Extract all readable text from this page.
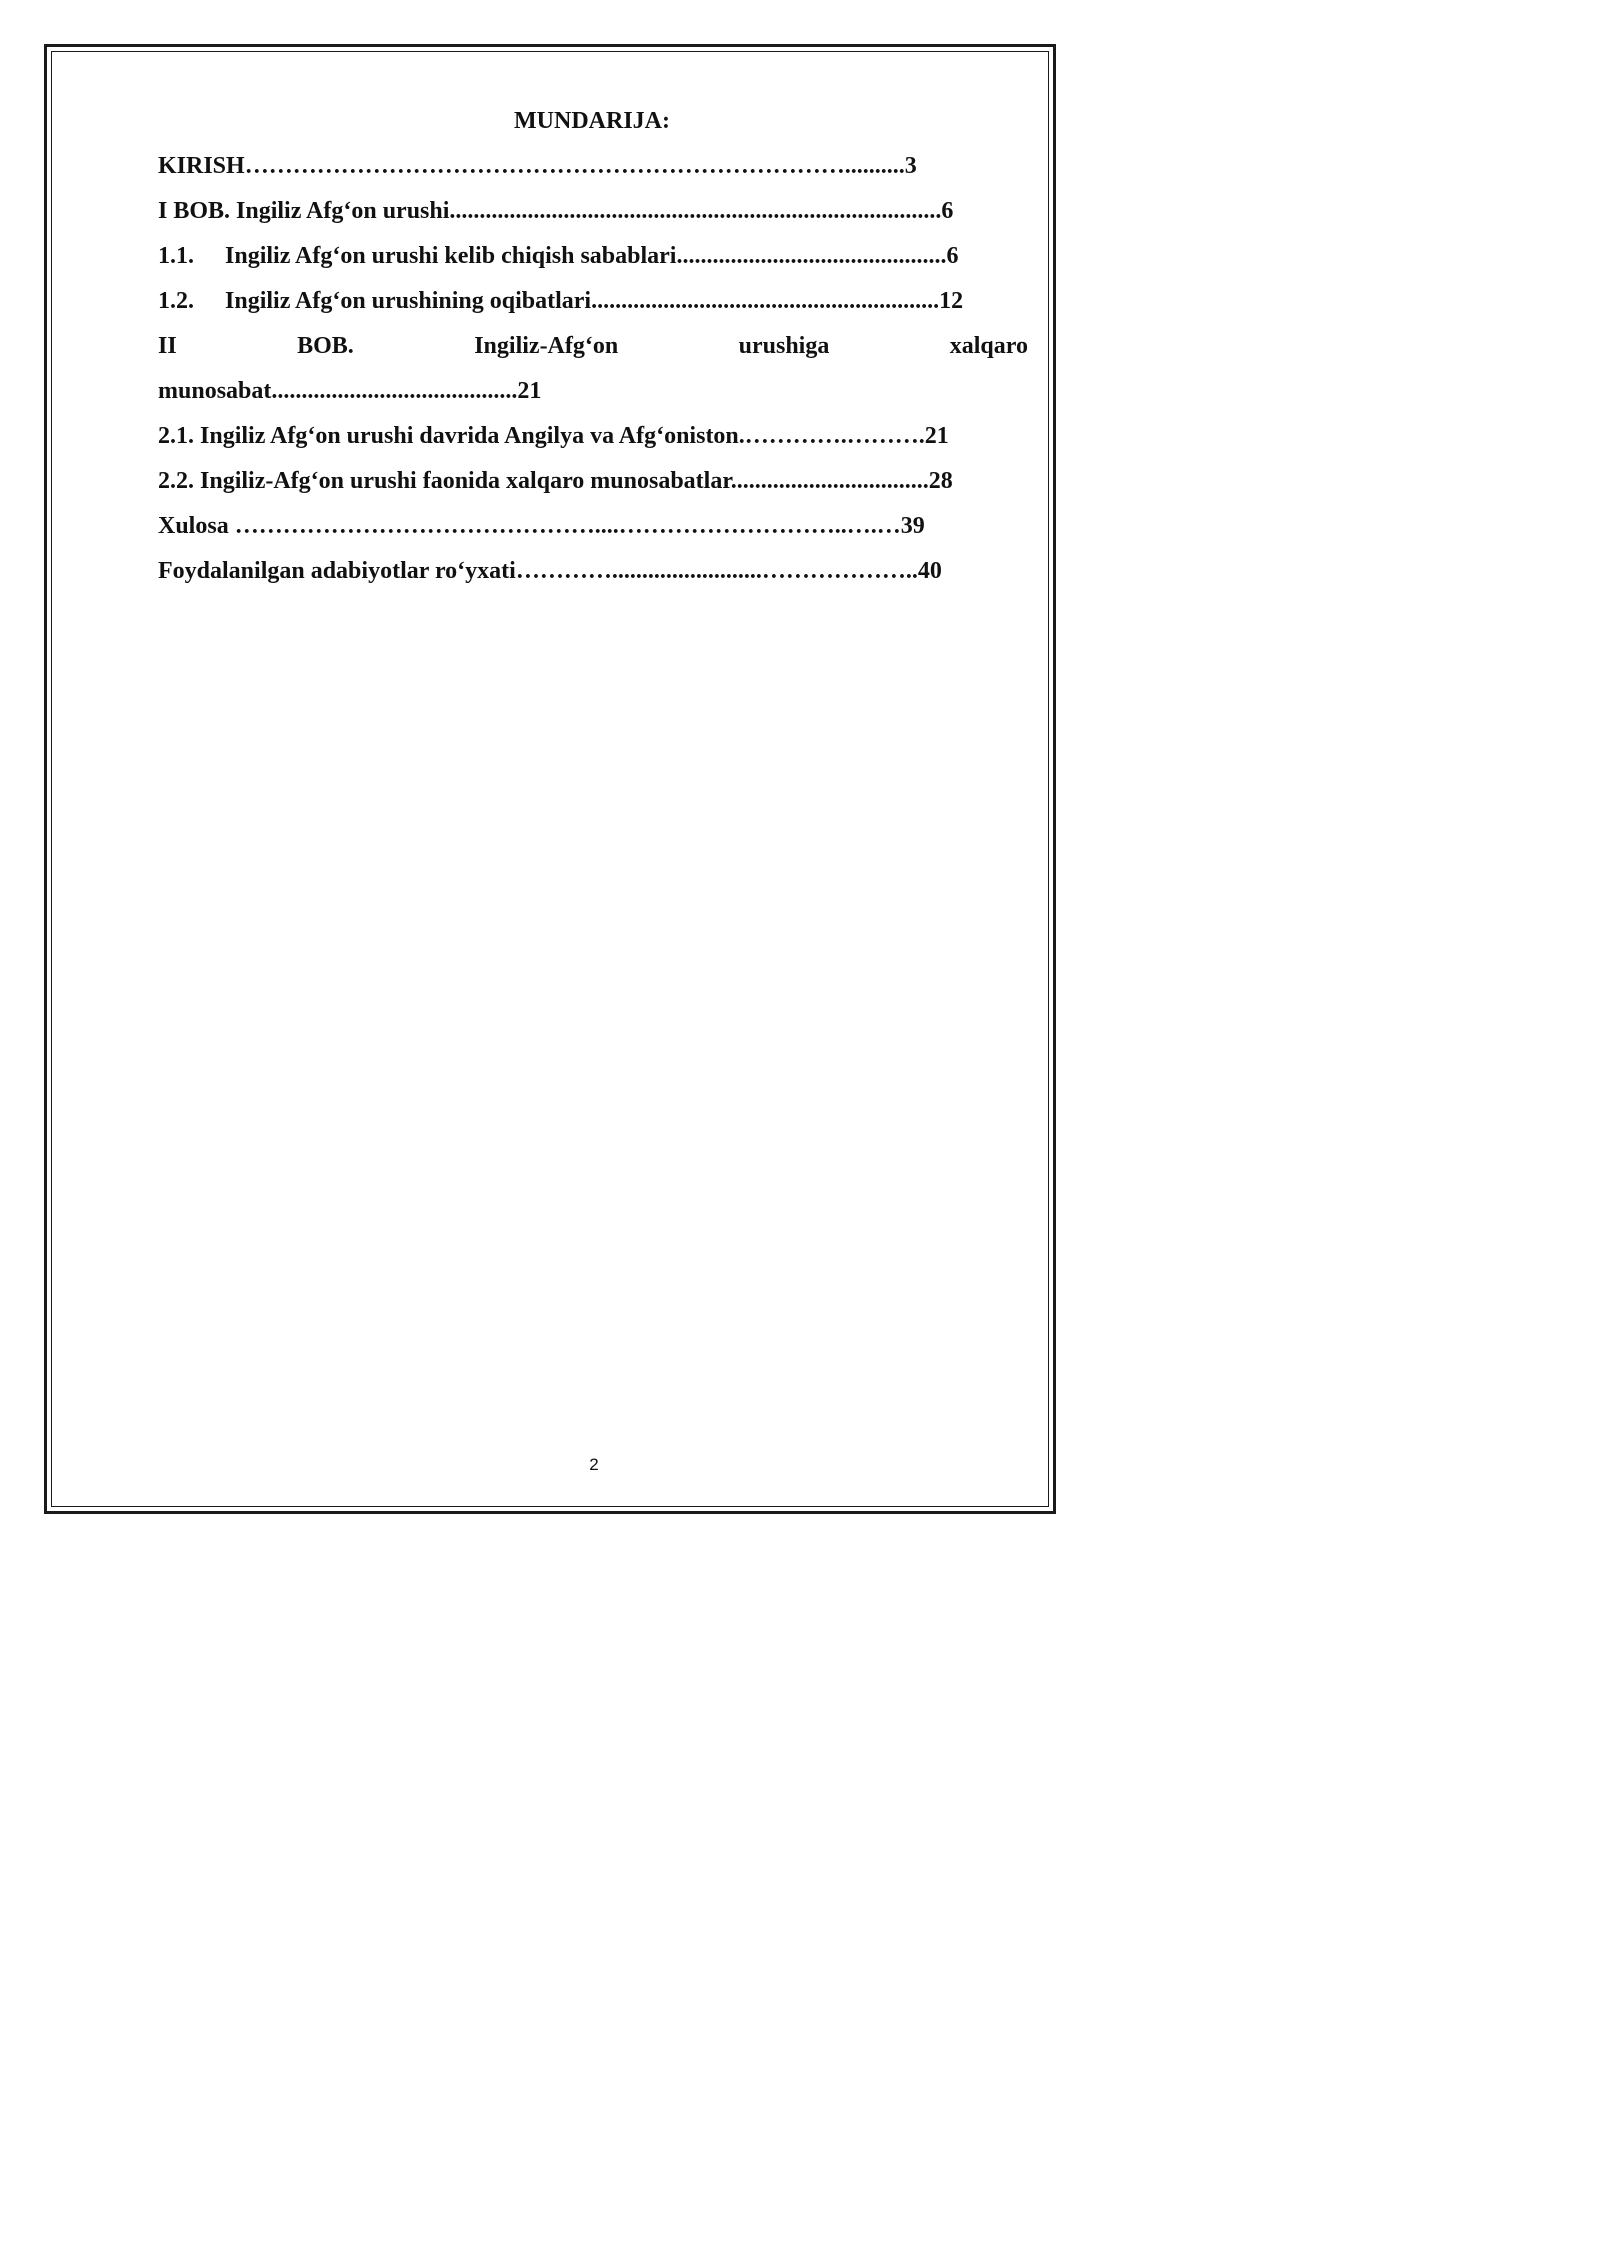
MUNDARIJA:
KIRISH…………………………………………………………………..........3
I BOB. Ingiliz Afg‘on urushi..................................................................................6
1.1. Ingiliz Afg‘on urushi kelib chiqish sabablari.............................................6
1.2. Ingiliz Afg‘on urushining oqibatlari..........................................................12
II	BOB.	Ingiliz-Afg‘on	urushiga	xalqaro
munosabat.........................................21
2.1. Ingiliz Afg‘on urushi davrida Angilya va Afg‘oniston.………….……….21
2.2. Ingiliz-Afg‘on urushi faonida xalqaro munosabatlar.................................28
Xulosa ………………………………………....………………………..….…39
Foydalanilgan adabiyotlar ro‘yxati………….........................………………..40
2
